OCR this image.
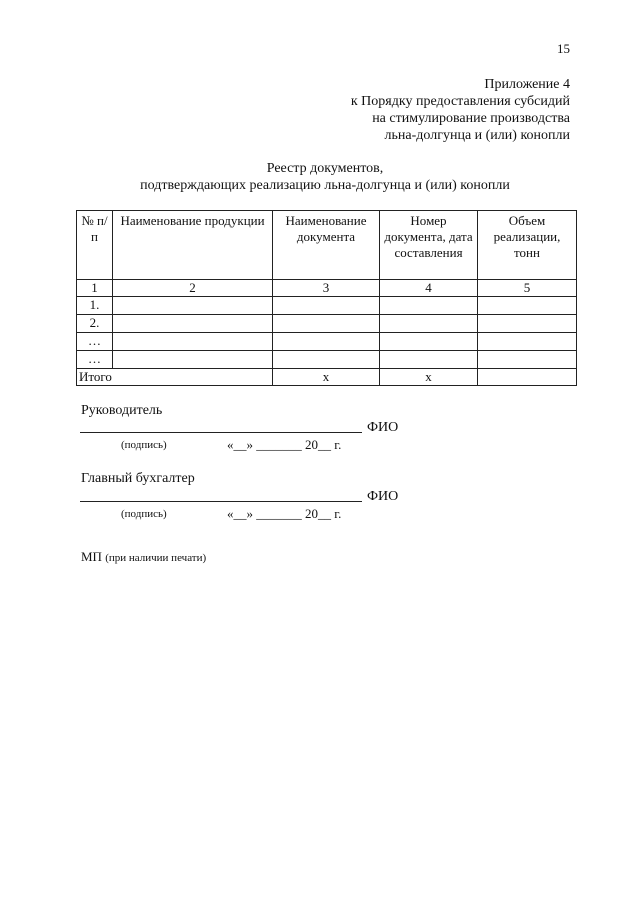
15
Приложение 4
к Порядку предоставления субсидий
на стимулирование производства
льна-долгунца и (или) конопли
Реестр документов,
подтверждающих реализацию льна-долгунца и (или) конопли
№ п/п	Наименование продукции	Наименование документа	Номер документа, дата составления	Объем реализации, тонн
1	2	3	4	5
1.				
2.				
…				
…				
Итого		х	х	
Руководитель
ФИО
(подпись)	«__» _______ 20__ г.
Главный бухгалтер
ФИО
(подпись)	«__» _______ 20__ г.
МП (при наличии печати)
